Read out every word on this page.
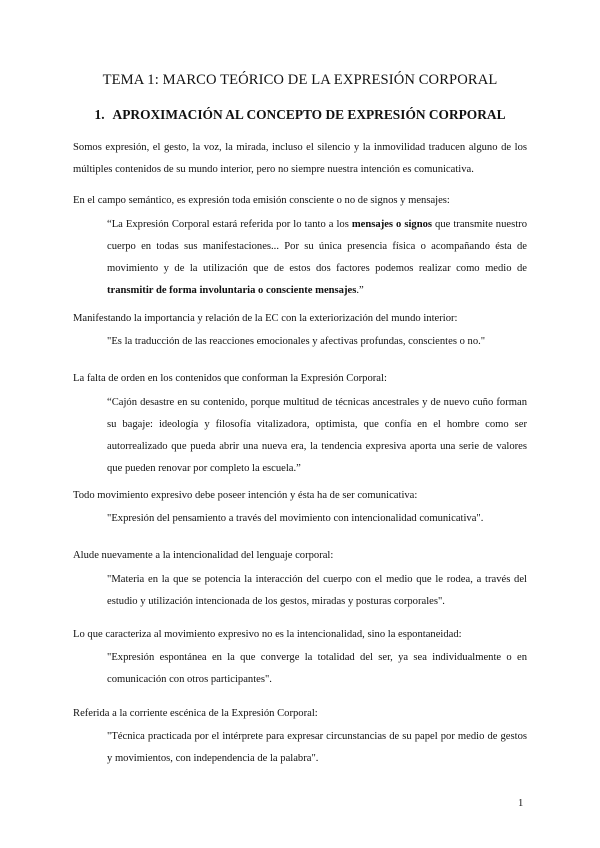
TEMA 1: MARCO TEÓRICO DE LA EXPRESIÓN CORPORAL
1. APROXIMACIÓN AL CONCEPTO DE EXPRESIÓN CORPORAL
Somos expresión, el gesto, la voz, la mirada, incluso el silencio y la inmovilidad traducen alguno de los múltiples contenidos de su mundo interior, pero no siempre nuestra intención es comunicativa.
En el campo semántico, es expresión toda emisión consciente o no de signos y mensajes:
“La Expresión Corporal estará referida por lo tanto a los mensajes o signos que transmite nuestro cuerpo en todas sus manifestaciones... Por su única presencia física o acompañando ésta de movimiento y de la utilización que de estos dos factores podemos realizar como medio de transmitir de forma involuntaria o consciente mensajes.”
Manifestando la importancia y relación de la EC con la exteriorización del mundo interior:
"Es la traducción de las reacciones emocionales y afectivas profundas, conscientes o no."
La falta de orden en los contenidos que conforman la Expresión Corporal:
“Cajón desastre en su contenido, porque multitud de técnicas ancestrales y de nuevo cuño forman su bagaje: ideología y filosofía vitalizadora, optimista, que confía en el hombre como ser autorrealizado que pueda abrir una nueva era, la tendencia expresiva aporta una serie de valores que pueden renovar por completo la escuela.”
Todo movimiento expresivo debe poseer intención y ésta ha de ser comunicativa:
"Expresión del pensamiento a través del movimiento con intencionalidad comunicativa".
Alude nuevamente a la intencionalidad del lenguaje corporal:
"Materia en la que se potencia la interacción del cuerpo con el medio que le rodea, a través del estudio y utilización intencionada de los gestos, miradas y posturas corporales".
Lo que caracteriza al movimiento expresivo no es la intencionalidad, sino la espontaneidad:
"Expresión espontánea en la que converge la totalidad del ser, ya sea individualmente o en comunicación con otros participantes".
Referida a la corriente escénica de la Expresión Corporal:
"Técnica practicada por el intérprete para expresar circunstancias de su papel por medio de gestos y movimientos, con independencia de la palabra".
1
